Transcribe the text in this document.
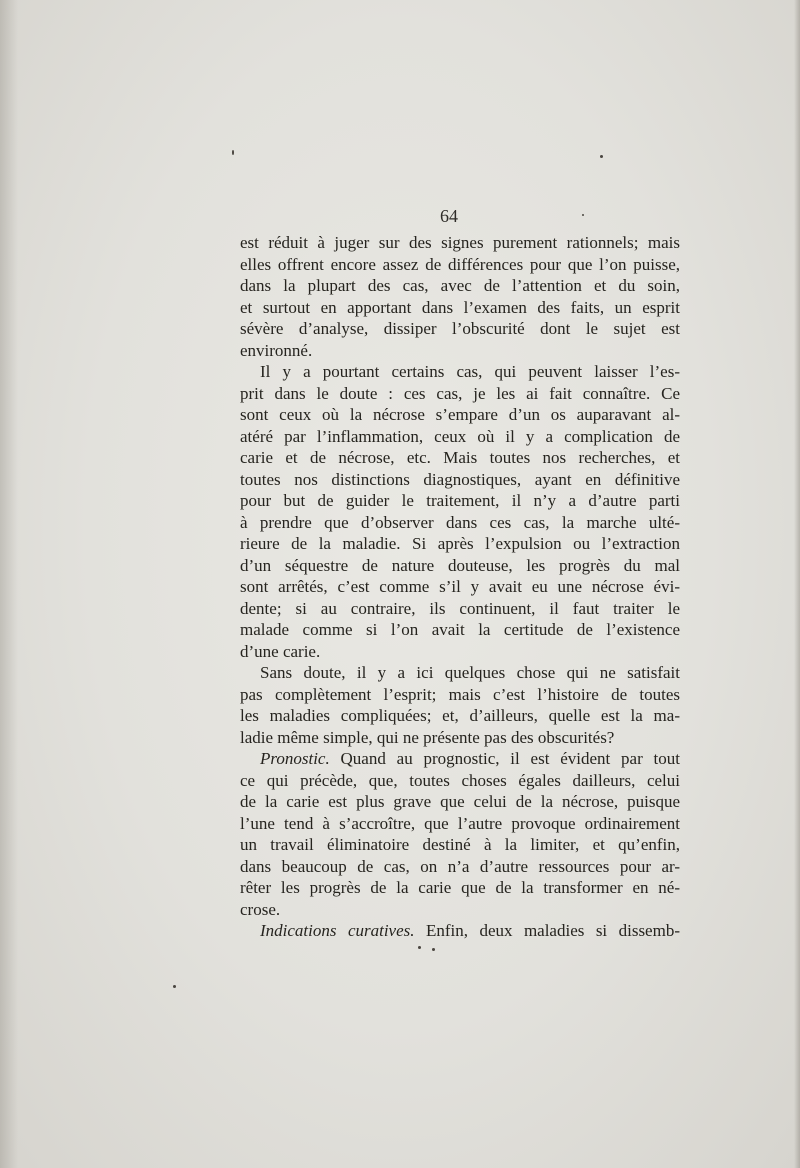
64
est réduit à juger sur des signes purement rationnels; mais
elles offrent encore assez de différences pour que l’on puisse,
dans la plupart des cas, avec de l’attention et du soin,
et surtout en apportant dans l’examen des faits, un esprit
sévère d’analyse, dissiper l’obscurité dont le sujet est
environné.
Il y a pourtant certains cas, qui peuvent laisser l’es-
prit dans le doute : ces cas, je les ai fait connaître. Ce
sont ceux où la nécrose s’empare d’un os auparavant al-
atéré par l’inflammation, ceux où il y a complication de
carie et de nécrose, etc. Mais toutes nos recherches, et
toutes nos distinctions diagnostiques, ayant en définitive
pour but de guider le traitement, il n’y a d’autre parti
à prendre que d’observer dans ces cas, la marche ulté-
rieure de la maladie. Si après l’expulsion ou l’extraction
d’un séquestre de nature douteuse, les progrès du mal
sont arrêtés, c’est comme s’il y avait eu une nécrose évi-
dente; si au contraire, ils continuent, il faut traiter le
malade comme si l’on avait la certitude de l’existence
d’une carie.
Sans doute, il y a ici quelques chose qui ne satisfait
pas complètement l’esprit; mais c’est l’histoire de toutes
les maladies compliquées; et, d’ailleurs, quelle est la ma-
ladie même simple, qui ne présente pas des obscurités?
Pronostic. Quand au prognostic, il est évident par tout
ce qui précède, que, toutes choses égales dailleurs, celui
de la carie est plus grave que celui de la nécrose, puisque
l’une tend à s’accroître, que l’autre provoque ordinairement
un travail éliminatoire destiné à la limiter, et qu’enfin,
dans beaucoup de cas, on n’a d’autre ressources pour ar-
rêter les progrès de la carie que de la transformer en né-
crose.
Indications curatives. Enfin, deux maladies si dissemb-
